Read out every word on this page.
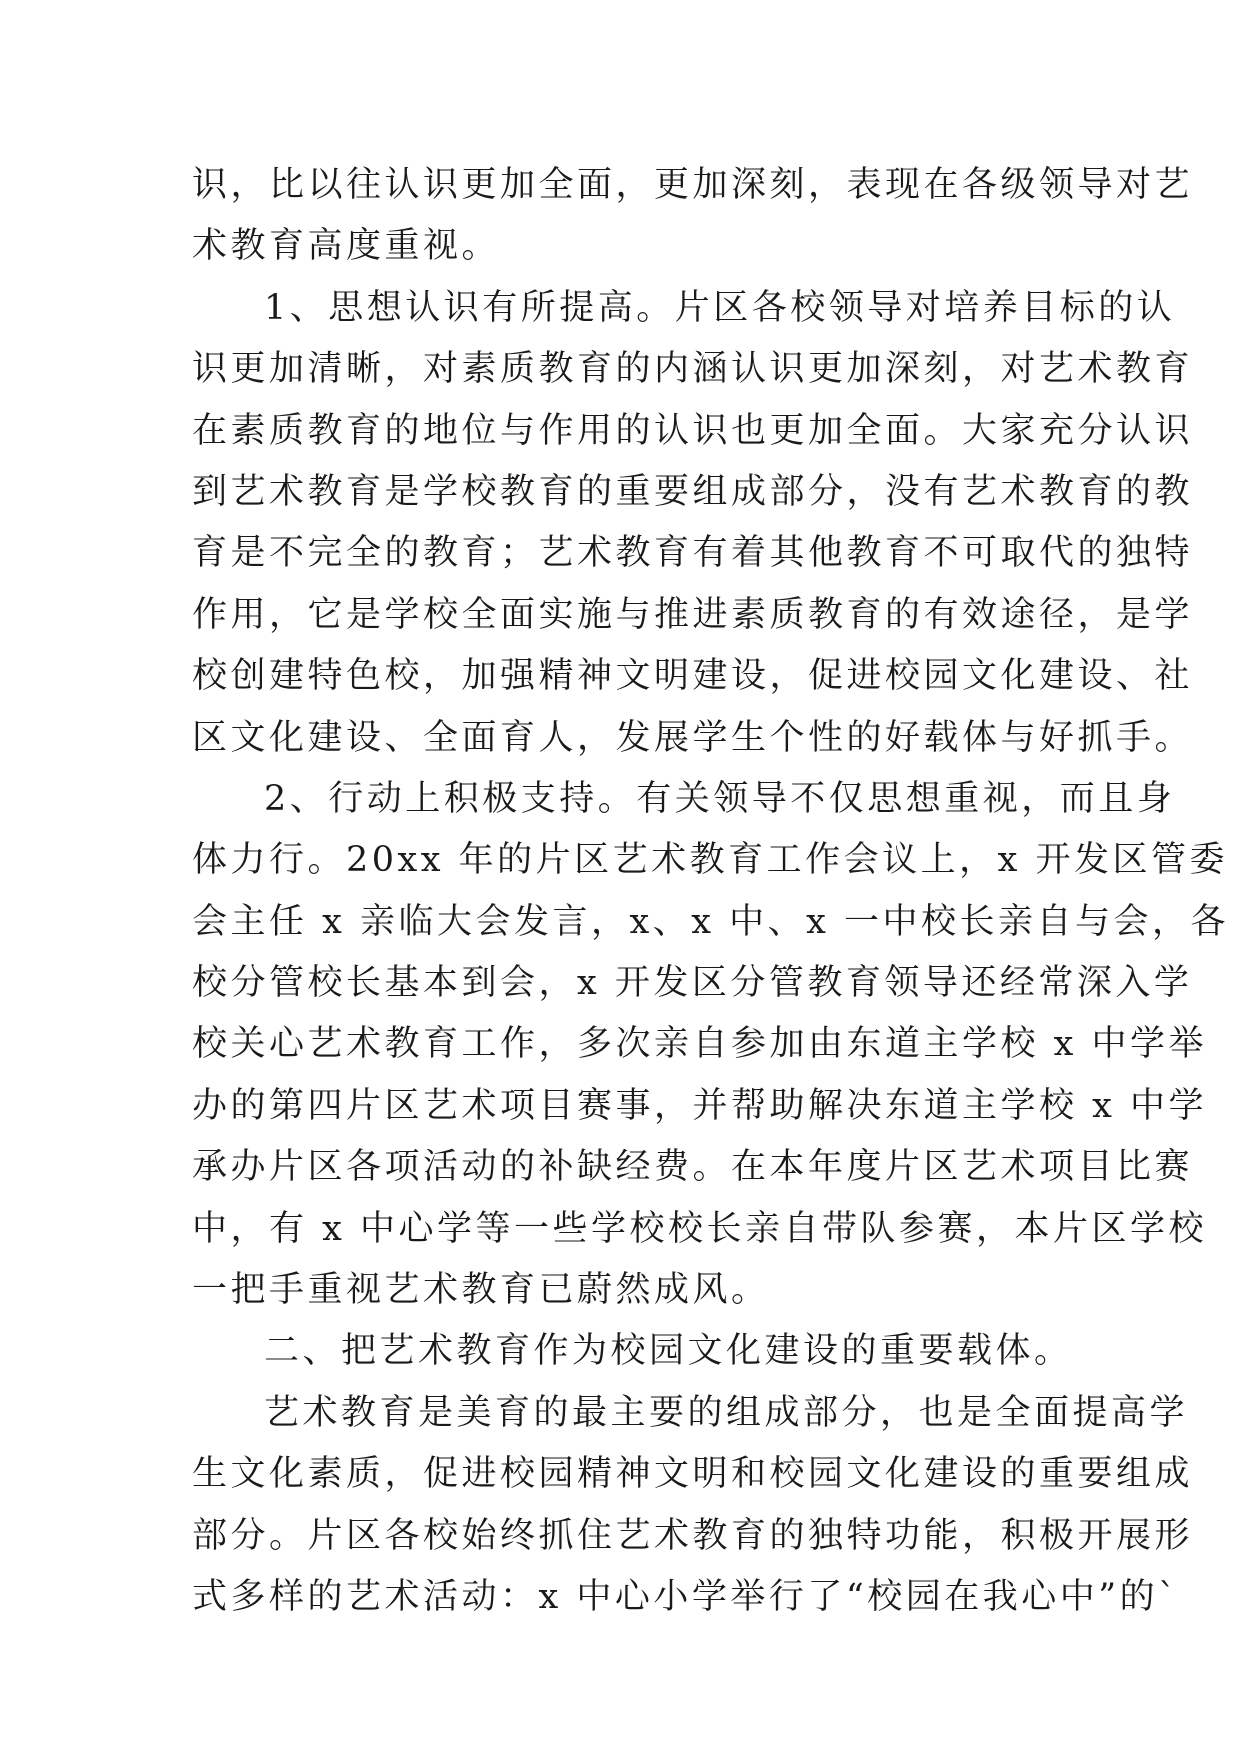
识，比以往认识更加全面，更加深刻，表现在各级领导对艺
术教育高度重视。
1、思想认识有所提高。片区各校领导对培养目标的认
识更加清晰，对素质教育的内涵认识更加深刻，对艺术教育
在素质教育的地位与作用的认识也更加全面。大家充分认识
到艺术教育是学校教育的重要组成部分，没有艺术教育的教
育是不完全的教育；艺术教育有着其他教育不可取代的独特
作用，它是学校全面实施与推进素质教育的有效途径，是学
校创建特色校，加强精神文明建设，促进校园文化建设、社
区文化建设、全面育人，发展学生个性的好载体与好抓手。
2、行动上积极支持。有关领导不仅思想重视，而且身
体力行。20xx 年的片区艺术教育工作会议上，x 开发区管委
会主任 x 亲临大会发言，x、x 中、x 一中校长亲自与会，各
校分管校长基本到会，x 开发区分管教育领导还经常深入学
校关心艺术教育工作，多次亲自参加由东道主学校 x 中学举
办的第四片区艺术项目赛事，并帮助解决东道主学校 x 中学
承办片区各项活动的补缺经费。在本年度片区艺术项目比赛
中，有 x 中心学等一些学校校长亲自带队参赛，本片区学校
一把手重视艺术教育已蔚然成风。
二、把艺术教育作为校园文化建设的重要载体。
艺术教育是美育的最主要的组成部分，也是全面提高学
生文化素质，促进校园精神文明和校园文化建设的重要组成
部分。片区各校始终抓住艺术教育的独特功能，积极开展形
式多样的艺术活动：x 中心小学举行了“校园在我心中”的`
